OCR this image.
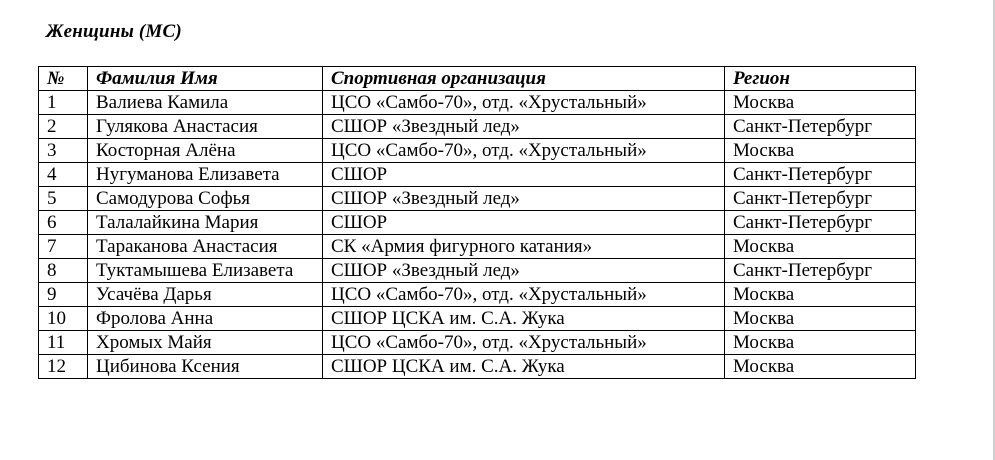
Женщины (МС)
№	Фамилия Имя	Спортивная организация	Регион
1	Валиева Камила	ЦСО «Самбо-70», отд. «Хрустальный»	Москва
2	Гулякова Анастасия	СШОР «Звездный лед»	Санкт-Петербург
3	Косторная Алёна	ЦСО «Самбо-70», отд. «Хрустальный»	Москва
4	Нугуманова Елизавета	СШОР	Санкт-Петербург
5	Самодурова Софья	СШОР «Звездный лед»	Санкт-Петербург
6	Талалайкина Мария	СШОР	Санкт-Петербург
7	Тараканова Анастасия	СК «Армия фигурного катания»	Москва
8	Туктамышева Елизавета	СШОР «Звездный лед»	Санкт-Петербург
9	Усачёва Дарья	ЦСО «Самбо-70», отд. «Хрустальный»	Москва
10	Фролова Анна	СШОР ЦСКА им. С.А. Жука	Москва
11	Хромых Майя	ЦСО «Самбо-70», отд. «Хрустальный»	Москва
12	Цибинова Ксения	СШОР ЦСКА им. С.А. Жука	Москва
